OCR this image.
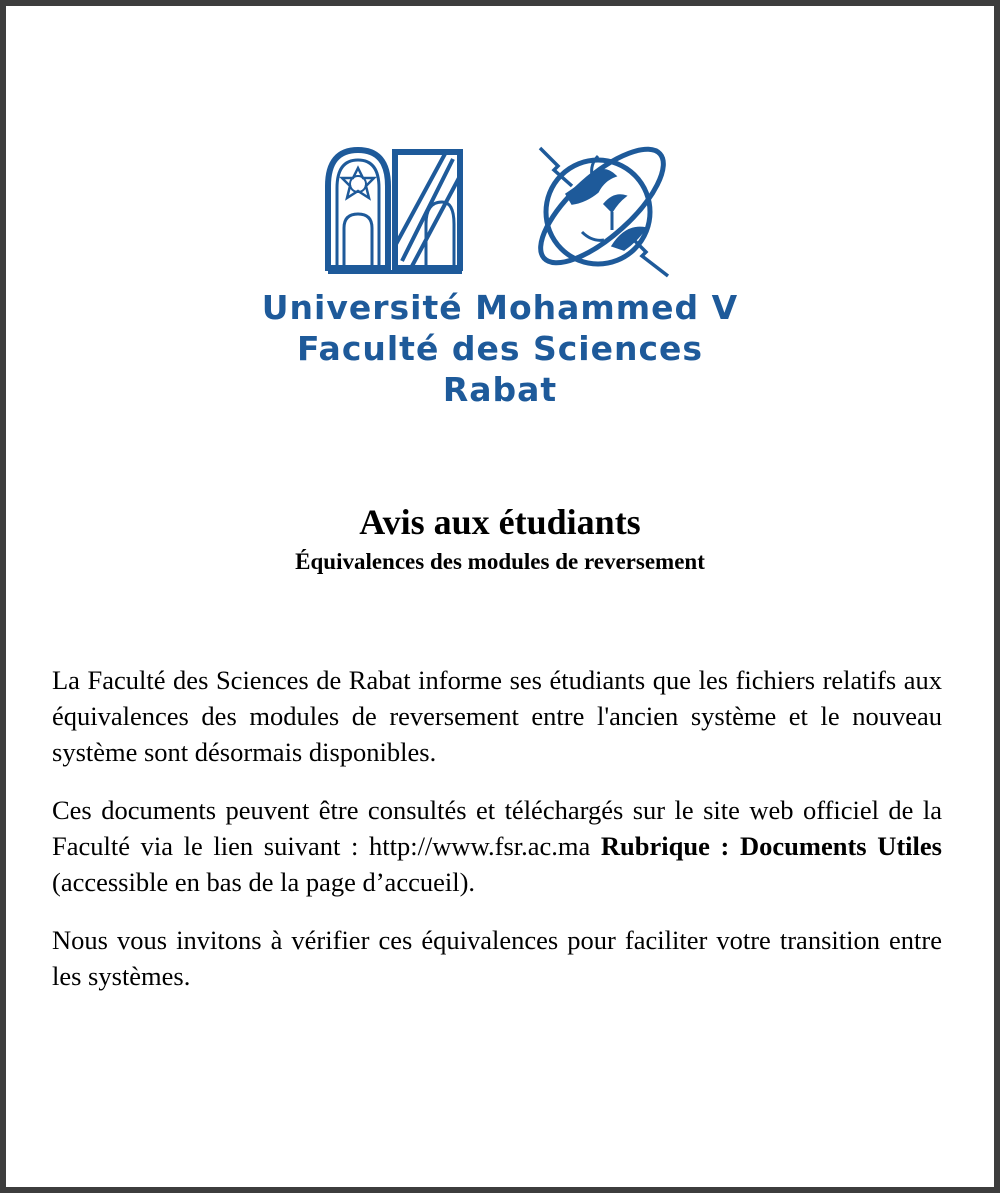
Université Mohammed V
Faculté des Sciences
Rabat
Avis aux étudiants
Équivalences des modules de reversement

La Faculté des Sciences de Rabat informe ses étudiants que les fichiers relatifs aux équivalences des modules de reversement entre l'ancien système et le nouveau système sont désormais disponibles.

Ces documents peuvent être consultés et téléchargés sur le site web officiel de la Faculté via le lien suivant : http://www.fsr.ac.ma Rubrique : Documents Utiles (accessible en bas de la page d’accueil).

Nous vous invitons à vérifier ces équivalences pour faciliter votre transition entre les systèmes.
